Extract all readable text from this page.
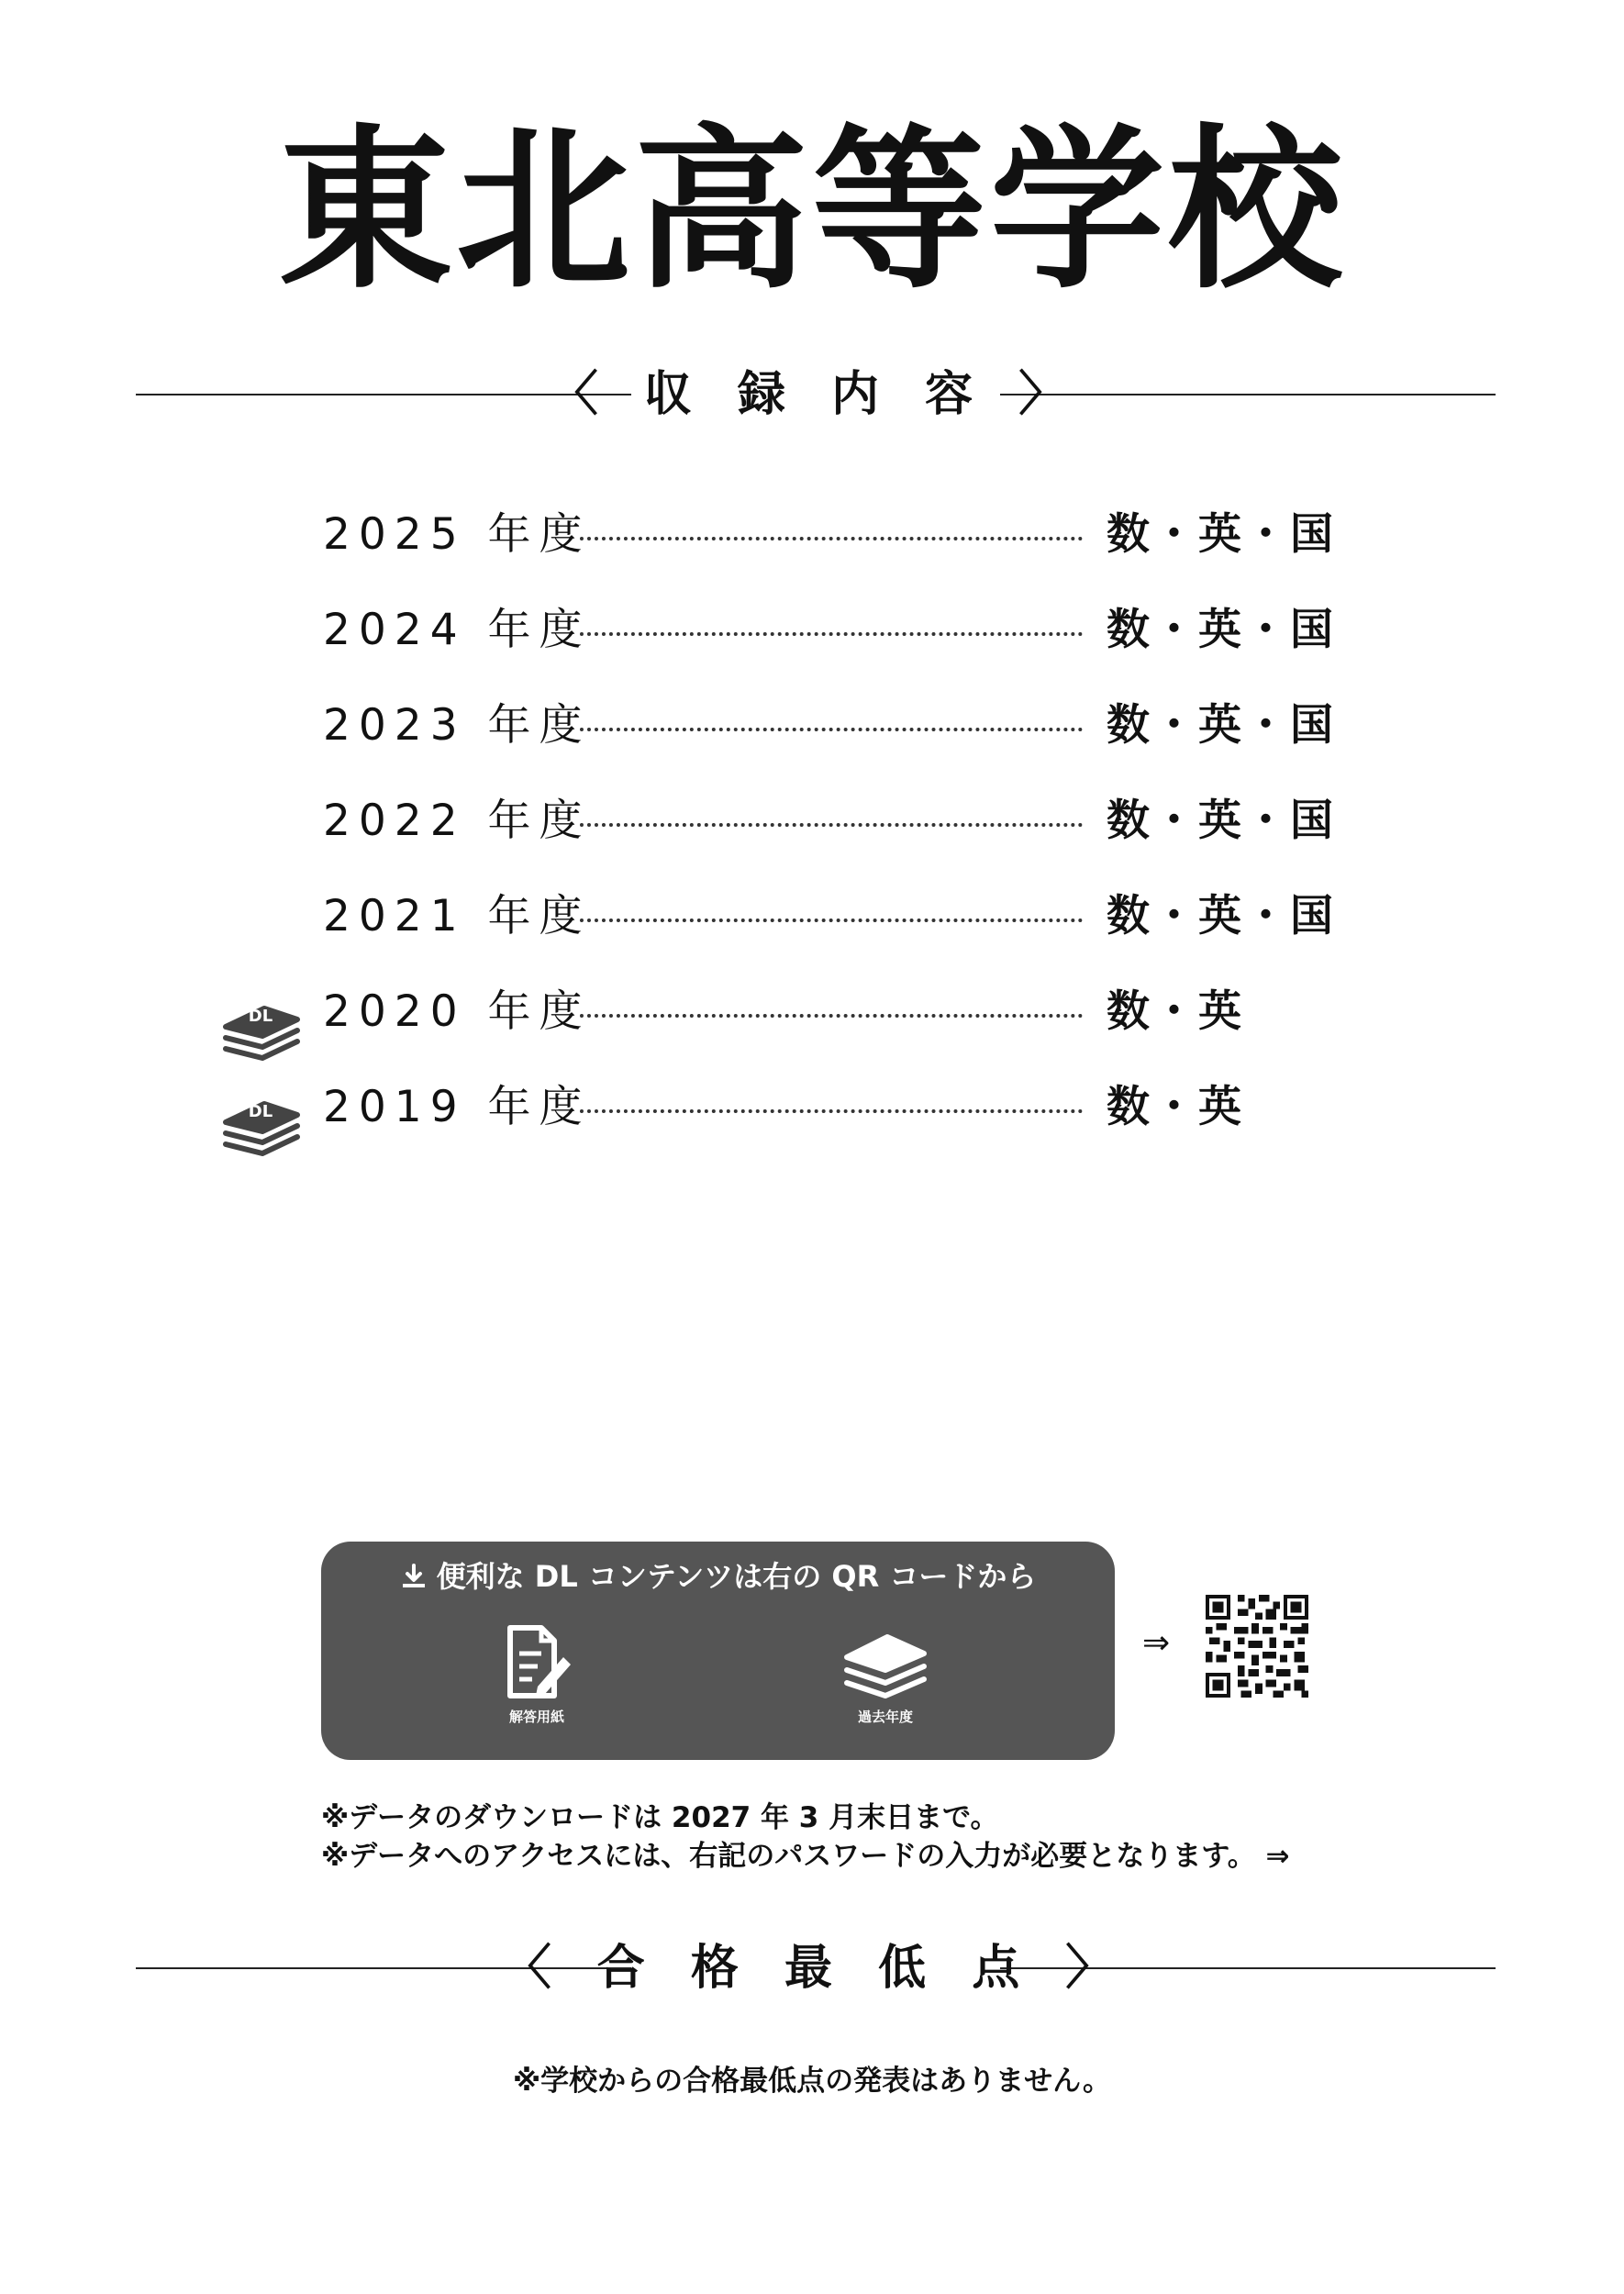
東北高等学校
〈 収 録 内 容 〉
2025 年度	数・英・国
2024 年度	数・英・国
2023 年度	数・英・国
2022 年度	数・英・国
2021 年度	数・英・国
DL 2020 年度	数・英
DL 2019 年度	数・英
便利な DL コンテンツは右の QR コードから
解答用紙	過去年度
⇒
※データのダウンロードは 2027 年 3 月末日まで。
※データへのアクセスには、右記のパスワードの入力が必要となります。 ⇒
〈 合 格 最 低 点 〉
※学校からの合格最低点の発表はありません。
